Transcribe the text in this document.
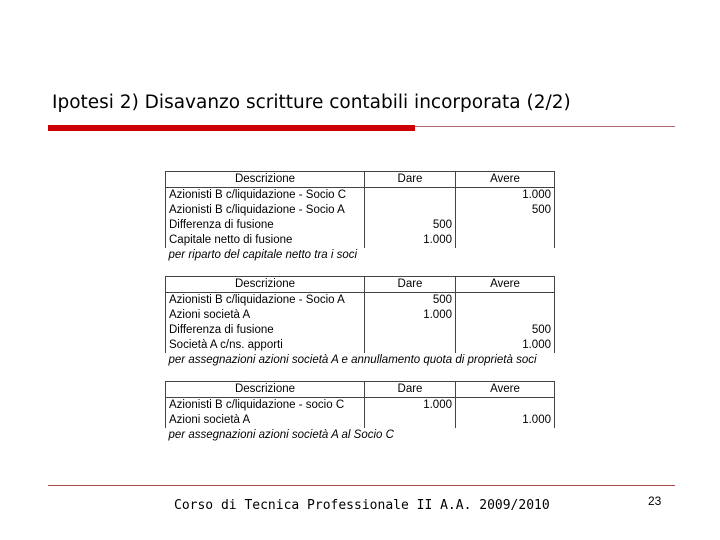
Ipotesi 2) Disavanzo scritture contabili incorporata (2/2)
Descrizione	Dare	Avere
Azionisti B c/liquidazione - Socio C		1.000
Azionisti B c/liquidazione - Socio A		500
Differenza di fusione	500	
Capitale netto di fusione	1.000	
per riparto del capitale netto tra i soci		
Descrizione	Dare	Avere
Azionisti B c/liquidazione - Socio A	500	
Azioni società A	1.000	
Differenza di fusione		500
Società A c/ns. apporti		1.000
per assegnazioni azioni società A e annullamento quota di proprietà soci		
Descrizione	Dare	Avere
Azionisti B c/liquidazione - socio C	1.000	
Azioni società A		1.000
per assegnazioni azioni società A al Socio C		
Corso di Tecnica Professionale II A.A. 2009/2010	23
